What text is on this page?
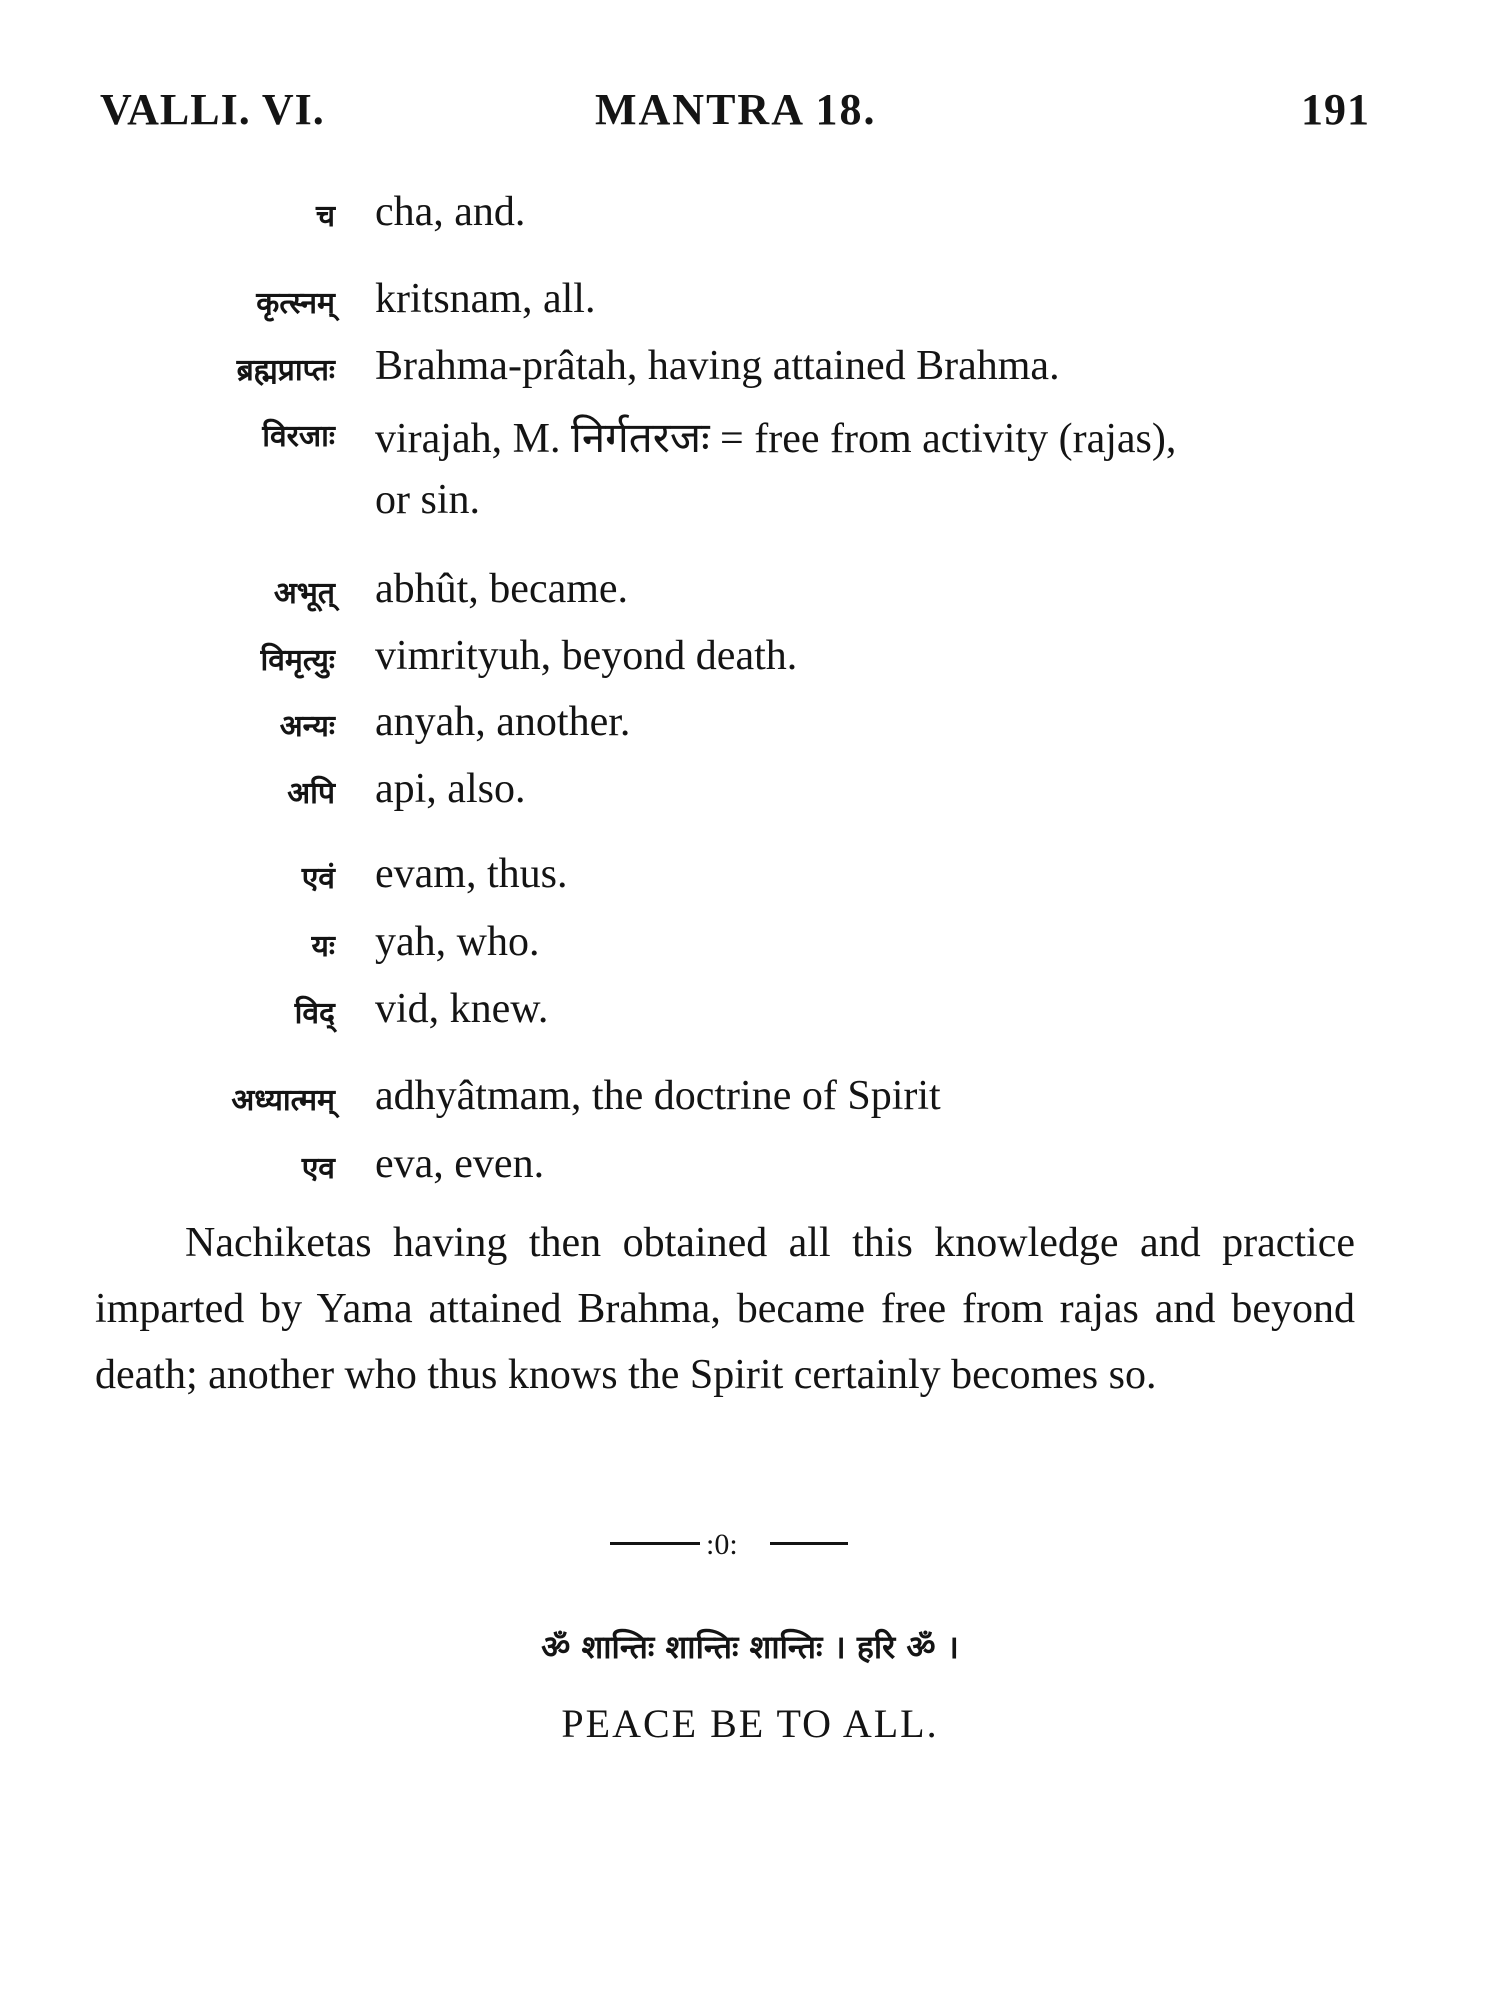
VALLI. VI.	MANTRA 18.	191
च cha, and.
कृत्स्नम् kritsnam, all.
ब्रह्मप्राप्तः Brahma-prâtah, having attained Brahma.
विरजाः virajah, M. निर्गतरजः = free from activity (rajas),
or sin.
अभूत् abhût, became.
विमृत्युः vimrityuh, beyond death.
अन्यः anyah, another.
अपि api, also.
एवं evam, thus.
यः yah, who.
विद् vid, knew.
अध्यात्मम् adhyâtmam, the doctrine of Spirit
एव eva, even.

Nachiketas having then obtained all this knowledge and practice imparted by Yama attained Brahma, became free from rajas and beyond death; another who thus knows the Spirit certainly becomes so.

:0:
ॐ शान्तिः शान्तिः शान्तिः । हरि ॐ ।
PEACE BE TO ALL.
